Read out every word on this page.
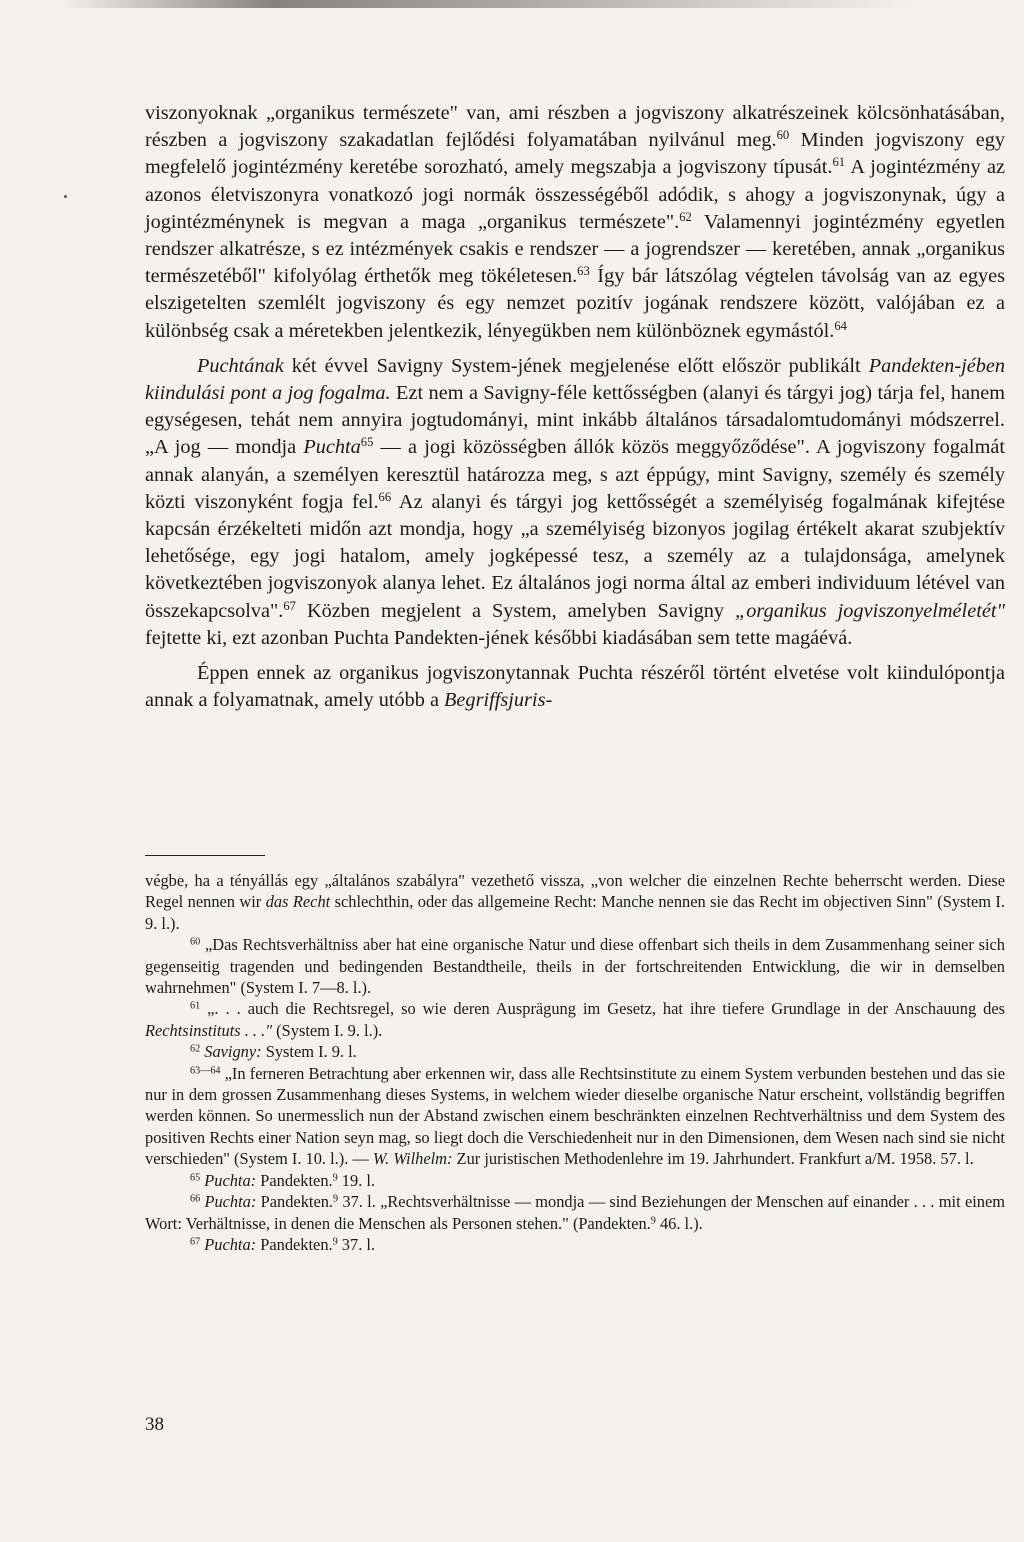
viszonyoknak „organikus természete" van, ami részben a jogviszony alkatrészeinek kölcsönhatásában, részben a jogviszony szakadatlan fejlődési folyamatában nyilvánul meg.$^{60}$ Minden jogviszony egy megfelelő jogintézmény keretébe sorozható, amely megszabja a jogviszony típusát.$^{61}$ A jogintézmény az azonos életviszonyra vonatkozó jogi normák összességéből adódik, s ahogy a jogviszonynak, úgy a jogintézménynek is megvan a maga „organikus természete".$^{62}$ Valamennyi jogintézmény egyetlen rendszer alkatrésze, s ez intézmények csakis e rendszer — a jogrendszer — keretében, annak „organikus természetéből" kifolyólag érthetők meg tökéletesen.$^{63}$ Így bár látszólag végtelen távolság van az egyes elszigetelten szemlélt jogviszony és egy nemzet pozitív jogának rendszere között, valójában ez a különbség csak a méretekben jelentkezik, lényegükben nem különböznek egymástól.$^{64}$

Puchtának két évvel Savigny System-jének megjelenése előtt először publikált Pandekten-jében kiindulási pont a jog fogalma. Ezt nem a Savigny-féle kettősségben (alanyi és tárgyi jog) tárja fel, hanem egységesen, tehát nem annyira jogtudományi, mint inkább általános társadalomtudományi módszerrel. „A jog — mondja Puchta$^{65}$ — a jogi közösségben állók közös meggyőződése". A jogviszony fogalmát annak alanyán, a személyen keresztül határozza meg, s azt éppúgy, mint Savigny, személy és személy közti viszonyként fogja fel.$^{66}$ Az alanyi és tárgyi jog kettősségét a személyiség fogalmának kifejtése kapcsán érzékelteti midőn azt mondja, hogy „a személyiség bizonyos jogilag értékelt akarat szubjektív lehetősége, egy jogi hatalom, amely jogképessé tesz, a személy az a tulajdonsága, amelynek következtében jogviszonyok alanya lehet. Ez általános jogi norma által az emberi individuum létével van összekapcsolva".$^{67}$ Közben megjelent a System, amelyben Savigny „organikus jogviszonyelméletét" fejtette ki, ezt azonban Puchta Pandekten-jének későbbi kiadásában sem tette magáévá.

Éppen ennek az organikus jogviszonytannak Puchta részéről történt elvetése volt kiindulópontja annak a folyamatnak, amely utóbb a Begriffsjuris-

végbe, ha a tényállás egy „általános szabályra" vezethető vissza, „von welcher die einzelnen Rechte beherrscht werden. Diese Regel nennen wir das Recht schlechthin, oder das allgemeine Recht: Manche nennen sie das Recht im objectiven Sinn" (System I. 9. l.).

$^{60}$ „Das Rechtsverhältniss aber hat eine organische Natur und diese offenbart sich theils in dem Zusammenhang seiner sich gegenseitig tragenden und bedingenden Bestandtheile, theils in der fortschreitenden Entwicklung, die wir in demselben wahrnehmen" (System I. 7—8. l.).

$^{61}$ „. . . auch die Rechtsregel, so wie deren Ausprägung im Gesetz, hat ihre tiefere Grundlage in der Anschauung des Rechtsinstituts . . ." (System I. 9. l.).

$^{62}$ Savigny: System I. 9. l.

$^{63—64}$ „In ferneren Betrachtung aber erkennen wir, dass alle Rechtsinstitute zu einem System verbunden bestehen und das sie nur in dem grossen Zusammenhang dieses Systems, in welchem wieder dieselbe organische Natur erscheint, vollständig begriffen werden können. So unermesslich nun der Abstand zwischen einem beschränkten einzelnen Rechtverhältniss und dem System des positiven Rechts einer Nation seyn mag, so liegt doch die Verschiedenheit nur in den Dimensionen, dem Wesen nach sind sie nicht verschieden" (System I. 10. l.). — W. Wilhelm: Zur juristischen Methodenlehre im 19. Jahrhundert. Frankfurt a/M. 1958. 57. l.

$^{65}$ Puchta: Pandekten.$^9$ 19. l.

$^{66}$ Puchta: Pandekten.$^9$ 37. l. „Rechtsverhältnisse — mondja — sind Beziehungen der Menschen auf einander . . . mit einem Wort: Verhältnisse, in denen die Menschen als Personen stehen." (Pandekten.$^9$ 46. l.).

$^{67}$ Puchta: Pandekten.$^9$ 37. l.

38
